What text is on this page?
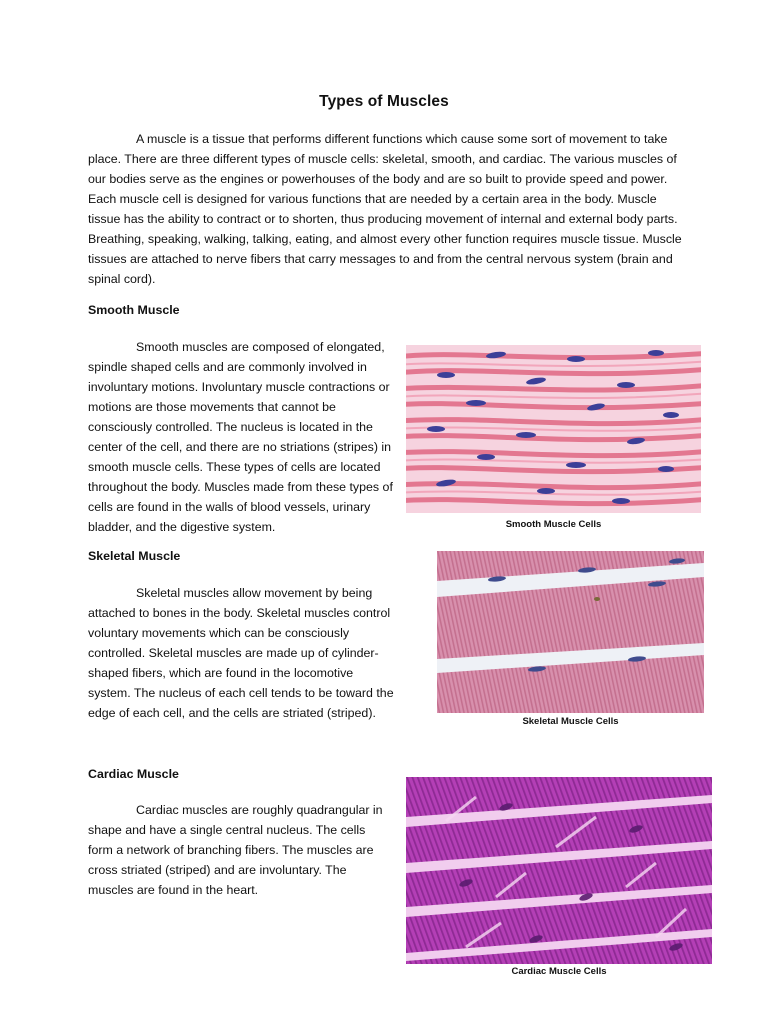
Types of Muscles

A muscle is a tissue that performs different functions which cause some sort of movement to take place. There are three different types of muscle cells: skeletal, smooth, and cardiac. The various muscles of our bodies serve as the engines or powerhouses of the body and are so built to provide speed and power. Each muscle cell is designed for various functions that are needed by a certain area in the body. Muscle tissue has the ability to contract or to shorten, thus producing movement of internal and external body parts. Breathing, speaking, walking, talking, eating, and almost every other function requires muscle tissue. Muscle tissues are attached to nerve fibers that carry messages to and from the central nervous system (brain and spinal cord).

Smooth Muscle

Smooth muscles are composed of elongated, spindle shaped cells and are commonly involved in involuntary motions. Involuntary muscle contractions or motions are those movements that cannot be consciously controlled. The nucleus is located in the center of the cell, and there are no striations (stripes) in smooth muscle cells. These types of cells are located throughout the body. Muscles made from these types of cells are found in the walls of blood vessels, urinary bladder, and the digestive system.	Smooth Muscle Cells
Skeletal Muscle

Skeletal muscles allow movement by being attached to bones in the body. Skeletal muscles control voluntary movements which can be consciously controlled. Skeletal muscles are made up of cylinder-shaped fibers, which are found in the locomotive system. The nucleus of each cell tends to be toward the edge of each cell, and the cells are striated (striped).

Skeletal Muscle Cells
Cardiac Muscle

Cardiac muscles are roughly quadrangular in shape and have a single central nucleus. The cells form a network of branching fibers. The muscles are cross striated (striped) and are involuntary. The muscles are found in the heart.

Cardiac Muscle Cells
